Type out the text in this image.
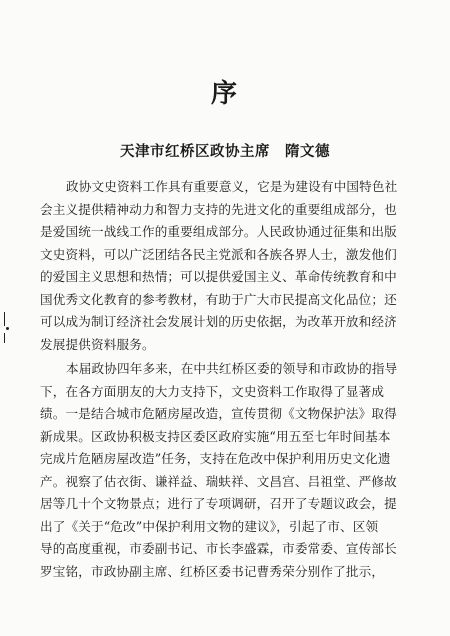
序
天津市红桥区政协主席　隋文德
政协文史资料工作具有重要意义，它是为建设有中国特色社
会主义提供精神动力和智力支持的先进文化的重要组成部分，也
是爱国统一战线工作的重要组成部分。人民政协通过征集和出版
文史资料，可以广泛团结各民主党派和各族各界人士，激发他们
的爱国主义思想和热情；可以提供爱国主义、革命传统教育和中
国优秀文化教育的参考教材，有助于广大市民提高文化品位；还
可以成为制订经济社会发展计划的历史依据，为改革开放和经济
发展提供资料服务。
本届政协四年多来，在中共红桥区委的领导和市政协的指导
下，在各方面朋友的大力支持下，文史资料工作取得了显著成
绩。一是结合城市危陋房屋改造，宣传贯彻《文物保护法》取得
新成果。区政协积极支持区委区政府实施“用五至七年时间基本
完成片危陋房屋改造”任务，支持在危改中保护利用历史文化遗
产。视察了估衣街、谦祥益、瑞蚨祥、文昌宫、吕祖堂、严修故
居等几十个文物景点；进行了专项调研，召开了专题议政会，提
出了《关于“危改”中保护利用文物的建议》，引起了市、区领
导的高度重视，市委副书记、市长李盛霖，市委常委、宣传部长
罗宝铭，市政协副主席、红桥区委书记曹秀荣分别作了批示，
